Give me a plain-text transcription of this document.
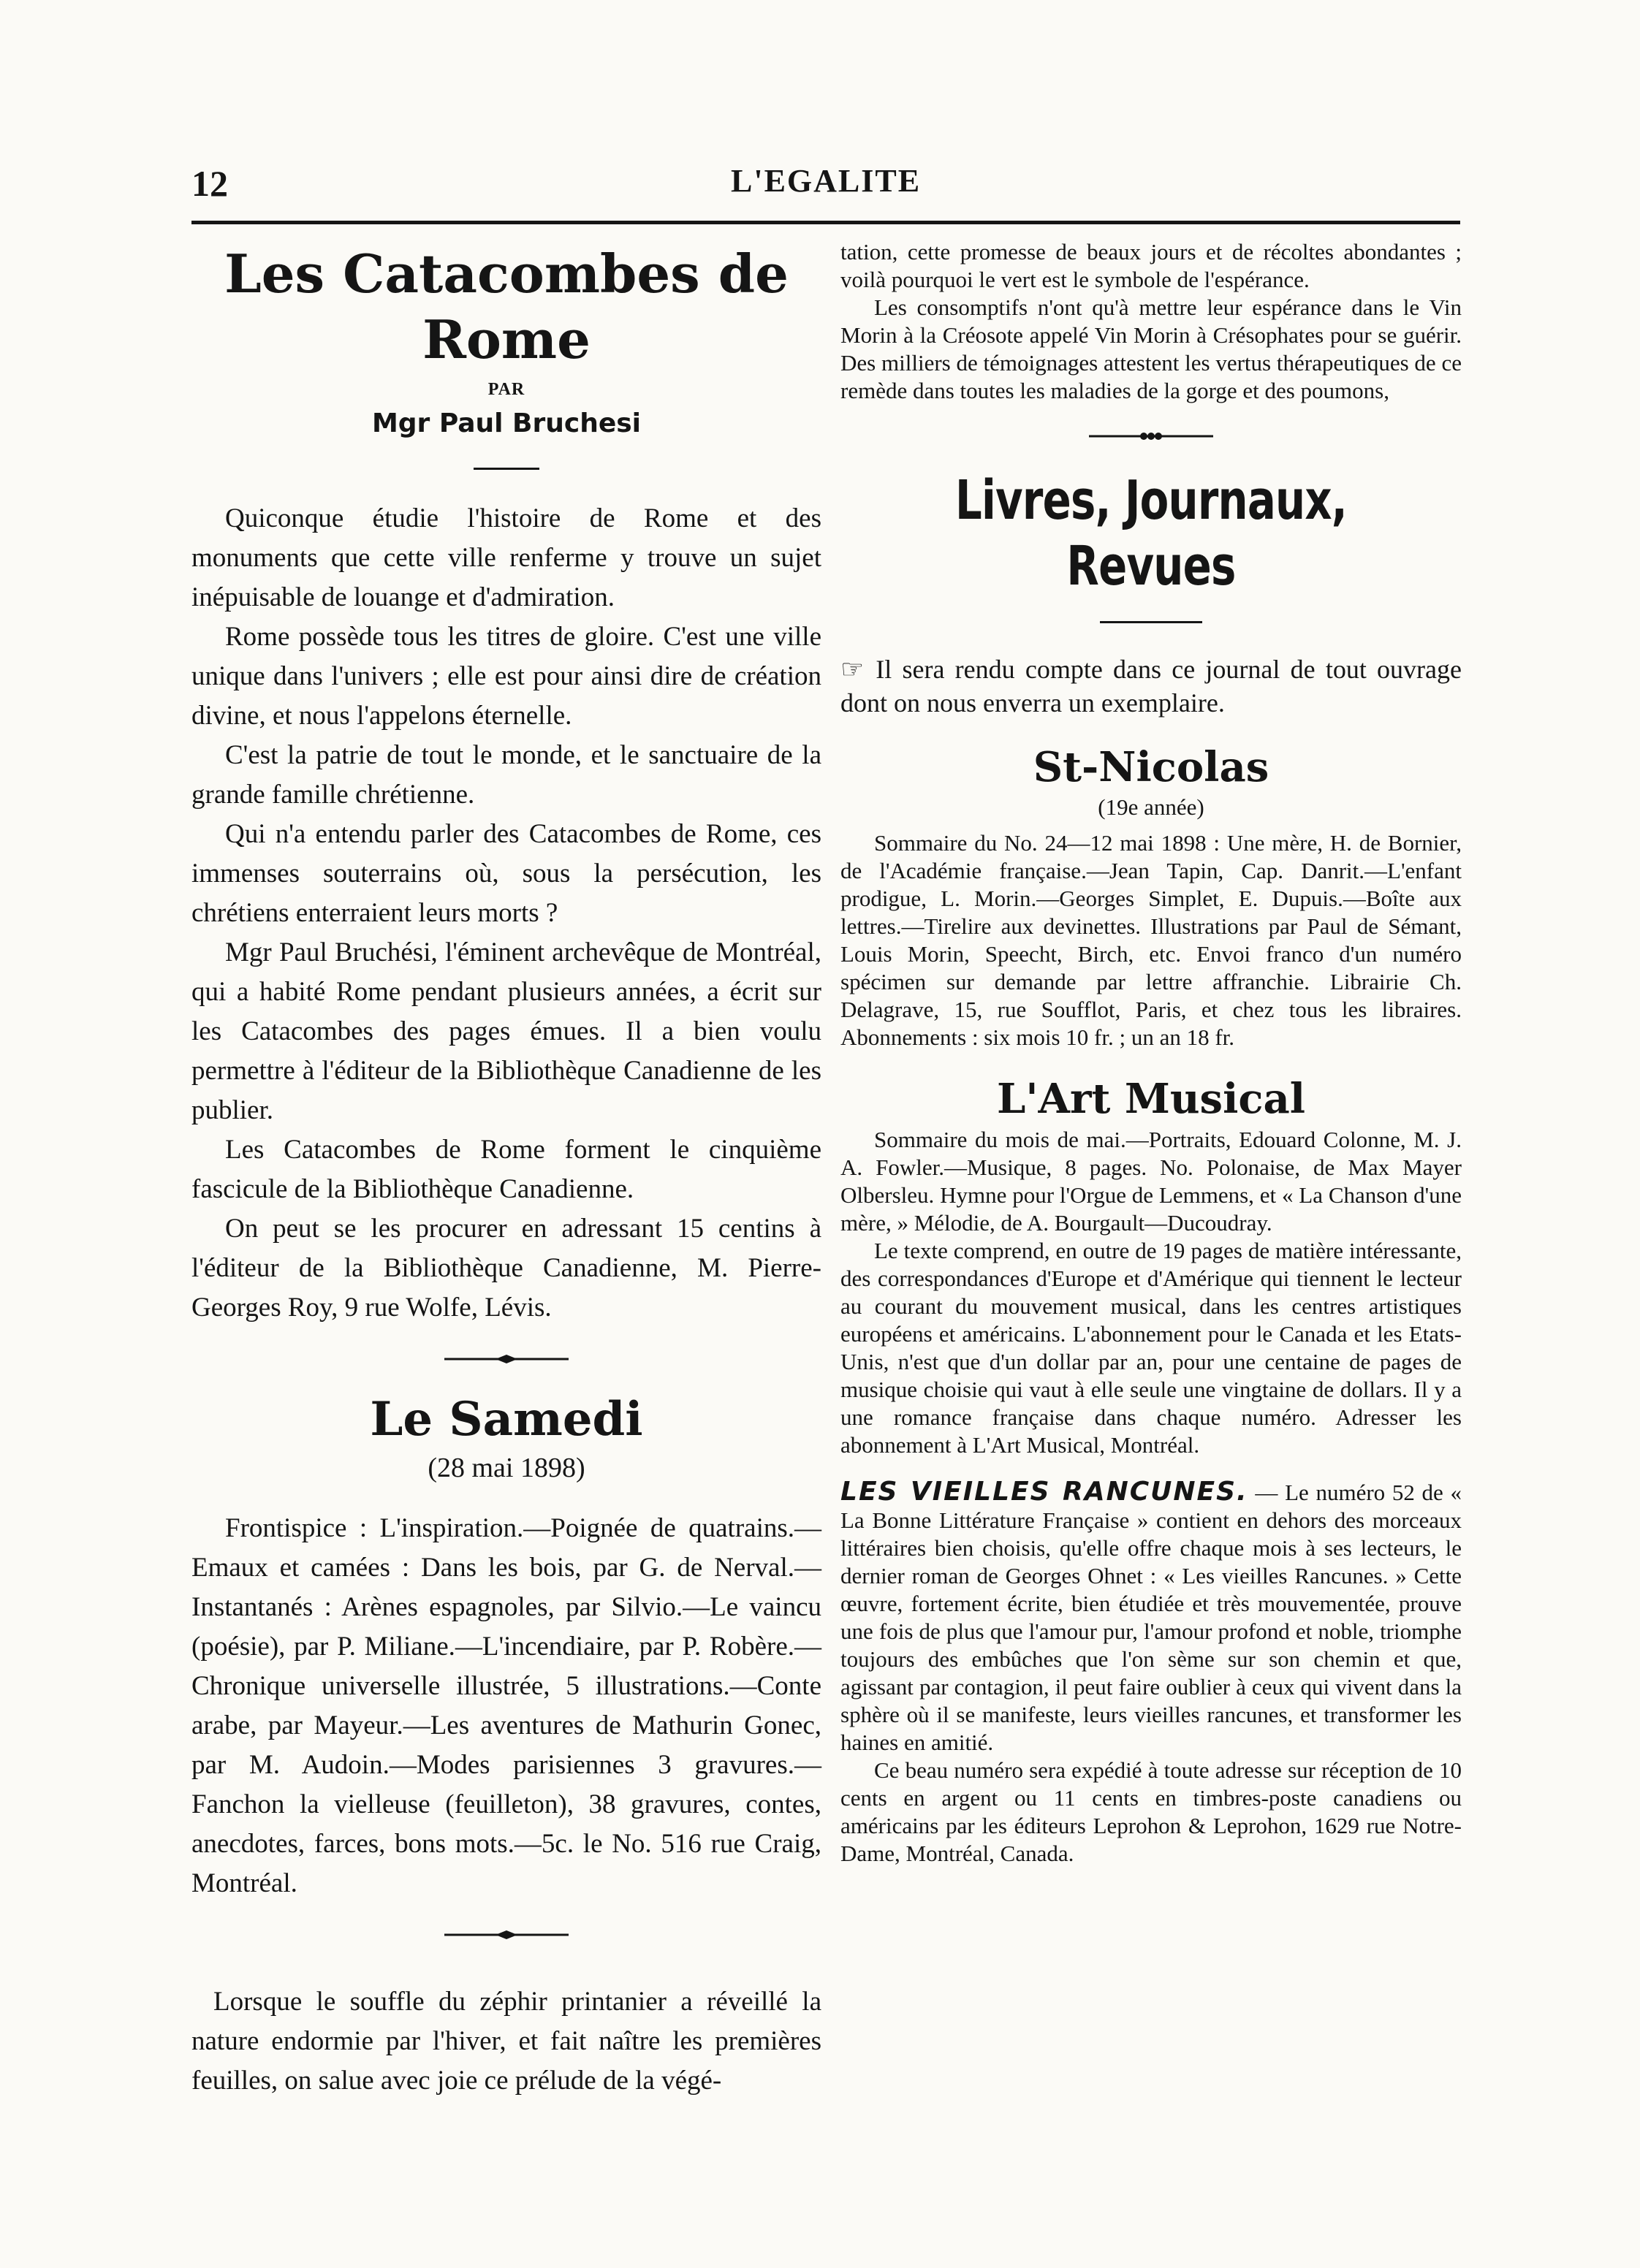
12	L'EGALITE
Les Catacombes de Rome
PAR
Mgr Paul Bruchesi

Quiconque étudie l'histoire de Rome et des monuments que cette ville renferme y trouve un sujet inépuisable de louange et d'admiration.

Rome possède tous les titres de gloire. C'est une ville unique dans l'univers ; elle est pour ainsi dire de création divine, et nous l'appelons éternelle.

C'est la patrie de tout le monde, et le sanctuaire de la grande famille chrétienne.

Qui n'a entendu parler des Catacombes de Rome, ces immenses souterrains où, sous la persécution, les chrétiens enterraient leurs morts ?

Mgr Paul Bruchési, l'éminent archevêque de Montréal, qui a habité Rome pendant plusieurs années, a écrit sur les Catacombes des pages émues. Il a bien voulu permettre à l'éditeur de la Bibliothèque Canadienne de les publier.

Les Catacombes de Rome forment le cinquième fascicule de la Bibliothèque Canadienne.

On peut se les procurer en adressant 15 centins à l'éditeur de la Bibliothèque Canadienne, M. Pierre-Georges Roy, 9 rue Wolfe, Lévis.

Le Samedi
(28 mai 1898)

Frontispice : L'inspiration.—Poignée de quatrains.—Emaux et camées : Dans les bois, par G. de Nerval.—Instantanés : Arènes espagnoles, par Silvio.—Le vaincu (poésie), par P. Miliane.—L'incendiaire, par P. Robère.—Chronique universelle illustrée, 5 illustrations.—Conte arabe, par Mayeur.—Les aventures de Mathurin Gonec, par M. Audoin.—Modes parisiennes 3 gravures.—Fanchon la vielleuse (feuilleton), 38 gravures, contes, anecdotes, farces, bons mots.—5c. le No. 516 rue Craig, Montréal.

Lorsque le souffle du zéphir printanier a réveillé la nature endormie par l'hiver, et fait naître les premières feuilles, on salue avec joie ce prélude de la végé-

tation, cette promesse de beaux jours et de récoltes abondantes ; voilà pourquoi le vert est le symbole de l'espérance.

Les consomptifs n'ont qu'à mettre leur espérance dans le Vin Morin à la Créosote appelé Vin Morin à Crésophates pour se guérir. Des milliers de témoignages attestent les vertus thérapeutiques de ce remède dans toutes les maladies de la gorge et des poumons,

Livres, Journaux, Revues

☞ Il sera rendu compte dans ce journal de tout ouvrage dont on nous enverra un exemplaire.

St-Nicolas
(19e année)

Sommaire du No. 24—12 mai 1898 : Une mère, H. de Bornier, de l'Académie française.—Jean Tapin, Cap. Danrit.—L'enfant prodigue, L. Morin.—Georges Simplet, E. Dupuis.—Boîte aux lettres.—Tirelire aux devinettes. Illustrations par Paul de Sémant, Louis Morin, Speecht, Birch, etc. Envoi franco d'un numéro spécimen sur demande par lettre affranchie. Librairie Ch. Delagrave, 15, rue Soufflot, Paris, et chez tous les libraires. Abonnements : six mois 10 fr. ; un an 18 fr.

L'Art Musical

Sommaire du mois de mai.—Portraits, Edouard Colonne, M. J. A. Fowler.—Musique, 8 pages. No. Polonaise, de Max Mayer Olbersleu. Hymne pour l'Orgue de Lemmens, et « La Chanson d'une mère, » Mélodie, de A. Bourgault—Ducoudray.

Le texte comprend, en outre de 19 pages de matière intéressante, des correspondances d'Europe et d'Amérique qui tiennent le lecteur au courant du mouvement musical, dans les centres artistiques européens et américains. L'abonnement pour le Canada et les Etats-Unis, n'est que d'un dollar par an, pour une centaine de pages de musique choisie qui vaut à elle seule une vingtaine de dollars. Il y a une romance française dans chaque numéro. Adresser les abonnement à L'Art Musical, Montréal.

LES VIEILLES RANCUNES. — Le numéro 52 de « La Bonne Littérature Française » contient en dehors des morceaux littéraires bien choisis, qu'elle offre chaque mois à ses lecteurs, le dernier roman de Georges Ohnet : « Les vieilles Rancunes. » Cette œuvre, fortement écrite, bien étudiée et très mouvementée, prouve une fois de plus que l'amour pur, l'amour profond et noble, triomphe toujours des embûches que l'on sème sur son chemin et que, agissant par contagion, il peut faire oublier à ceux qui vivent dans la sphère où il se manifeste, leurs vieilles rancunes, et transformer les haines en amitié.

Ce beau numéro sera expédié à toute adresse sur réception de 10 cents en argent ou 11 cents en timbres-poste canadiens ou américains par les éditeurs Leprohon & Leprohon, 1629 rue Notre-Dame, Montréal, Canada.
